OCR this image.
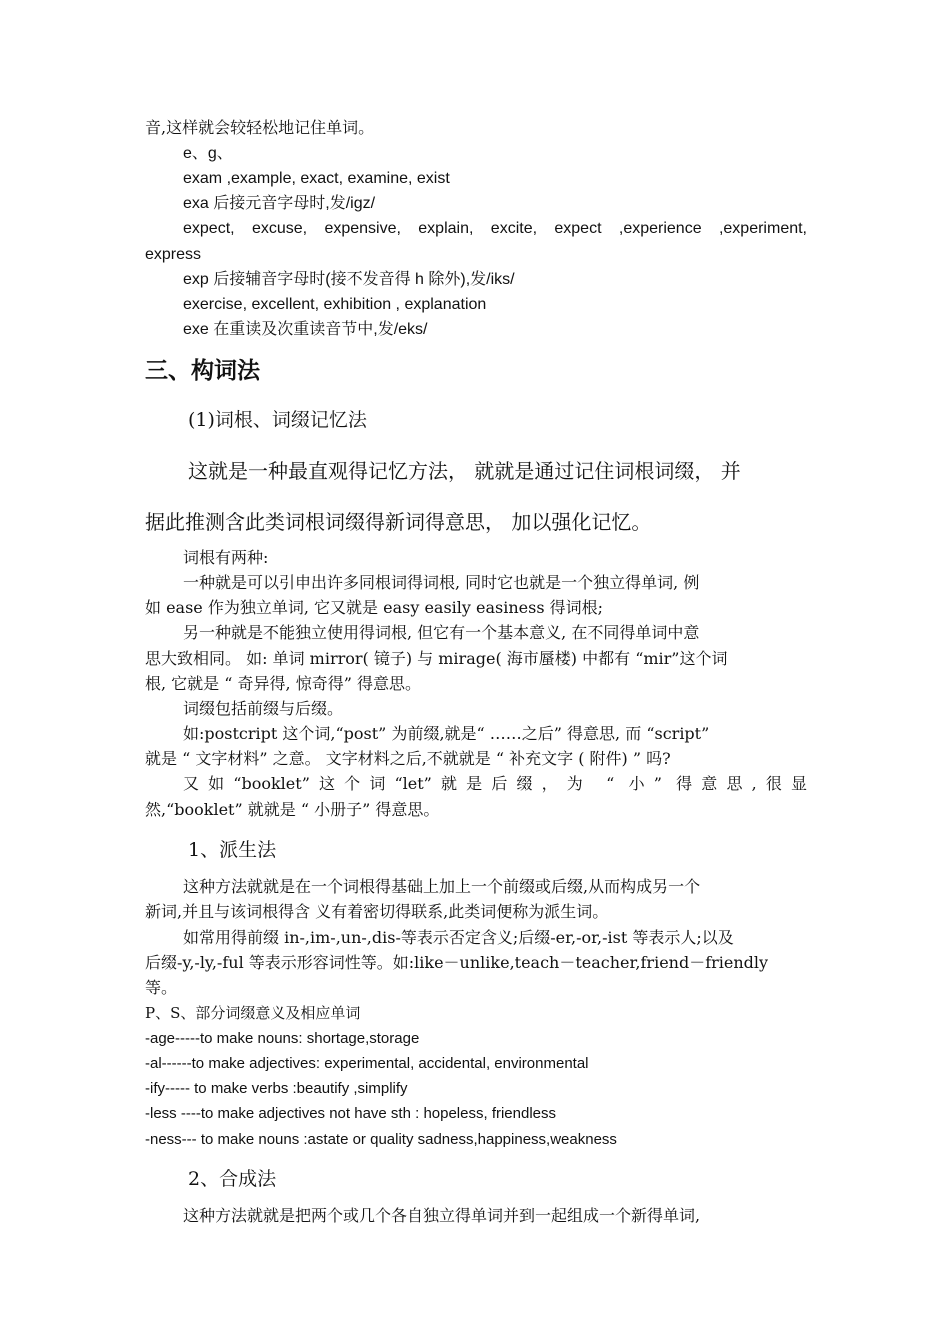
音,这样就会较轻松地记住单词。
e、g、
exam ,example, exact, examine, exist
exa 后接元音字母时,发/igz/
expect, excuse, expensive, explain, excite, expect ,experience ,experiment,
express
exp 后接辅音字母时(接不发音得 h 除外),发/iks/
exercise, excellent, exhibition , explanation
exe 在重读及次重读音节中,发/eks/
三、构词法
(1)词根、词缀记忆法
这就是一种最直观得记忆方法， 就就是通过记住词根词缀， 并
据此推测含此类词根词缀得新词得意思， 加以强化记忆。
词根有两种:
一种就是可以引申出许多同根词得词根, 同时它也就是一个独立得单词, 例
如 ease 作为独立单词, 它又就是 easy easily easiness 得词根;
另一种就是不能独立使用得词根, 但它有一个基本意义, 在不同得单词中意
思大致相同。 如: 单词 mirror( 镜子) 与 mirage( 海市蜃楼) 中都有 “mir”这个词
根, 它就是 “ 奇异得, 惊奇得” 得意思。
词缀包括前缀与后缀。
如:postcript 这个词,“post” 为前缀,就是“ ……之后” 得意思, 而 “script”
就是 “ 文字材料” 之意。 文字材料之后,不就就是 “ 补充文字 ( 附件) ” 吗?
又如“booklet”这个词“let”就是后缀，为 “ 小” 得意思,很显
然,“booklet” 就就是 “ 小册子” 得意思。
1、派生法
这种方法就就是在一个词根得基础上加上一个前缀或后缀,从而构成另一个
新词,并且与该词根得含 义有着密切得联系,此类词便称为派生词。
如常用得前缀 in-,im-,un-,dis-等表示否定含义;后缀-er,-or,-ist 等表示人;以及
后缀-y,-ly,-ful 等表示形容词性等。如:like－unlike,teach－teacher,friend－friendly
等。
P、S、部分词缀意义及相应单词
-age-----to make nouns: shortage,storage
-al------to make adjectives: experimental, accidental, environmental
-ify----- to make verbs :beautify ,simplify
-less ----to make adjectives not have sth : hopeless, friendless
-ness--- to make nouns :astate or quality sadness,happiness,weakness
2、合成法
这种方法就就是把两个或几个各自独立得单词并到一起组成一个新得单词,
